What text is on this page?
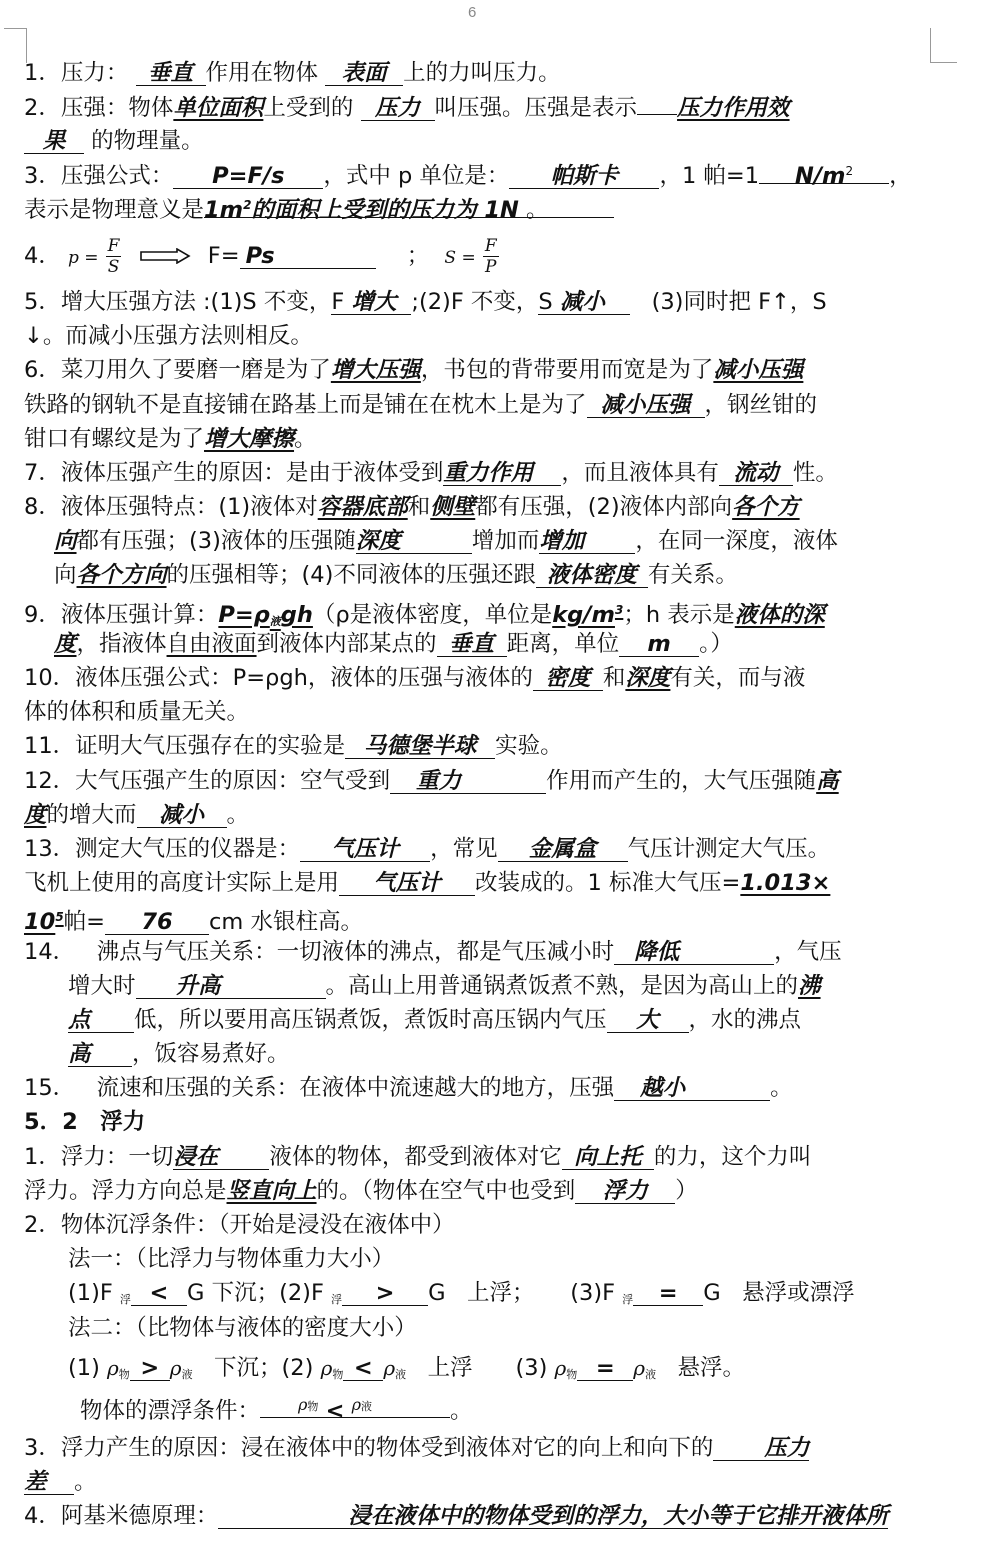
6
1．压力： 垂直 作用在物体 表面 上的力叫压力。
2．压强：物体单位面积上受到的 压力 叫压强。压强是表示 压力作用效
果 的物理量。
3．压强公式： P=F/s ，式中 p 单位是： 帕斯卡 ，1 帕=1 $N/m^2$ ，
表示是物理意义是$1m^2$的面积上受到的压力为 1N 。
4． $p = \frac{F}{S}$	F= Ps	； $S = \frac{F}{P}$
5．增大压强方法 :(1)S 不变，F 增大 ;(2)F 不变，S 减小 (3)同时把 F↑，S
↓。而减小压强方法则相反。
6．菜刀用久了要磨一磨是为了增大压强，书包的背带要用而宽是为了减小压强
铁路的钢轨不是直接铺在路基上而是铺在在枕木上是为了 减小压强 ，钢丝钳的
钳口有螺纹是为了增大摩擦。
7．液体压强产生的原因：是由于液体受到重力作用 ，而且液体具有 流动 性。
8．液体压强特点：(1)液体对容器底部和侧壁都有压强，(2)液体内部向各个方
向都有压强；(3)液体的压强随深度	增加而增加 ，在同一深度，液体
向各个方向的压强相等；(4)不同液体的压强还跟 液体密度 有关系。
9．液体压强计算：$P=\rho_液gh(\rho$是液体密度，单位是$kg/m^3$；h 表示是液体的深
度，指液体自由液面到液体内部某点的 垂直 距离，单位 m 。）
10．液体压强公式：P=ρgh，液体的压强与液体的 密度 和深度有关，而与液
体的体积和质量无关。
11．证明大气压强存在的实验是 马德堡半球 实验。
12．大气压强产生的原因：空气受到 重力	作用而产生的，大气压强随高
度的增大而 减小 。
13．测定大气压的仪器是： 气压计 ，常见 金属盒 气压计测定大气压。
飞机上使用的高度计实际上是用 气压计 改装成的。1 标准大气压=1.013×
$10^5$帕= 76 cm 水银柱高。
14． 沸点与气压关系：一切液体的沸点，都是气压减小时 降低	，气压
增大时 升高	。高山上用普通锅煮饭煮不熟，是因为高山上的沸
点 低，所以要用高压锅煮饭，煮饭时高压锅内气压 大 ，水的沸点
高 ，饭容易煮好。
15． 流速和压强的关系：在液体中流速越大的地方，压强 越小	。
5．2　浮力
1．浮力：一切浸在 液体的物体，都受到液体对它 向上托 的力，这个力叫
浮力。浮力方向总是竖直向上的。（物体在空气中也受到 浮力 ）
2．物体沉浮条件：（开始是浸没在液体中）
法一：（比浮力与物体重力大小）
(1)F $_浮$ < G 下沉；(2)F $_浮$ > G 上浮； (3)F $_浮$ = G 悬浮或漂浮
法二：（比物体与液体的密度大小）
(1) $\rho_物 > \rho_液$ 下沉；(2) $\rho_物 < \rho_液$ 上浮 (3) $\rho_物 = \rho_液$ 悬浮。
物体的漂浮条件： $^{\rho 物}$ < $^{\rho 液}$	。
3．浮力产生的原因：浸在液体中的物体受到液体对它的向上和向下的 压力
差 。
4．阿基米德原理：	浸在液体中的物体受到的浮力，大小等于它排开液体所
